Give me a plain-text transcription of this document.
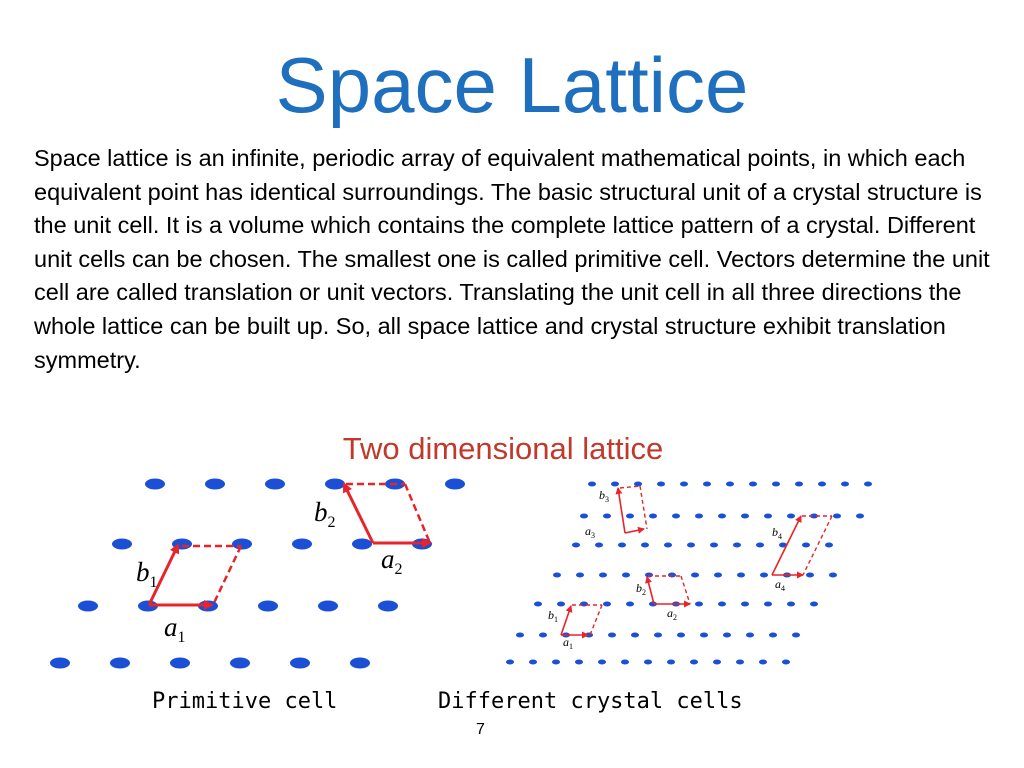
Space Lattice
Space lattice is an infinite, periodic array of equivalent mathematical points, in which each equivalent point has identical surroundings. The basic structural unit of a crystal structure is the unit cell. It is a volume which contains the complete lattice pattern of a crystal. Different unit cells can be chosen. The smallest one is called primitive cell. Vectors determine the unit cell are called translation or unit vectors. Translating the unit cell in all three directions the whole lattice can be built up. So, all space lattice and crystal structure exhibit translation symmetry.
Two dimensional lattice
$b_1$
$a_1$
$b_2$
$a_2$
$b_3$
$a_3$	$b_4$
$a_4$
$b_2$
$a_2$
$b_1$
$a_1$
Primitive cell	Different crystal cells
7
